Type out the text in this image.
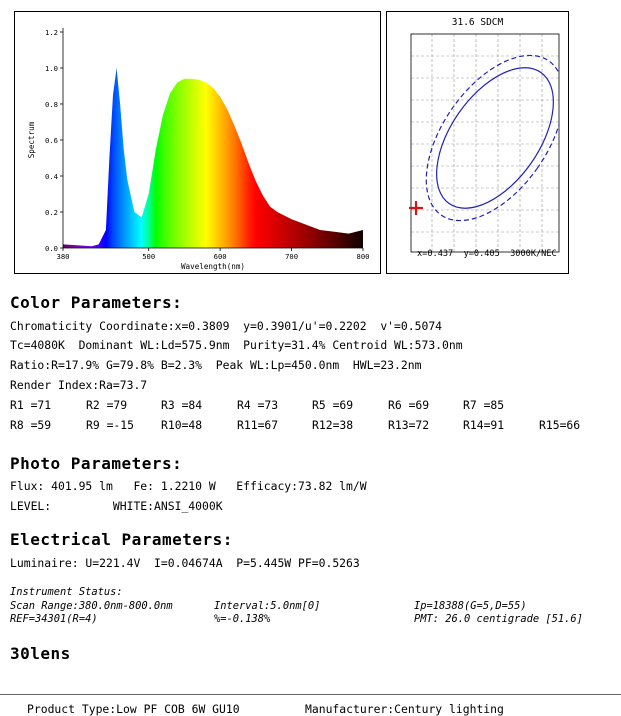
1.2
1.0
0.8
0.6
0.4
0.2
0.0
380	500	600	700	800
Wavelength(nm)
Spectrum
31.6 SDCM
x=0.437  y=0.405  3000K/NEC
Color Parameters:
Chromaticity Coordinate:x=0.3809  y=0.3901/u'=0.2202  v'=0.5074
Tc=4080K  Dominant WL:Ld=575.9nm  Purity=31.4% Centroid WL:573.0nm
Ratio:R=17.9% G=79.8% B=2.3%  Peak WL:Lp=450.0nm  HWL=23.2nm
Render Index:Ra=73.7
R1 =71	R2 =79	R3 =84	R4 =73	R5 =69	R6 =69	R7 =85
R8 =59	R9 =-15 R10=48	R11=67	R12=38	R13=72	R14=91	R15=66
Photo Parameters:
Flux: 401.95 lm   Fe: 1.2210 W   Efficacy:73.82 lm/W
LEVEL:         WHITE:ANSI_4000K
Electrical Parameters:
Luminaire: U=221.4V  I=0.04674A  P=5.445W PF=0.5263
Instrument Status:
Scan Range:380.0nm-800.0nm	Interval:5.0nm[0]	Ip=18388(G=5,D=55)
REF=34301(R=4)	%=-0.138%	PMT: 26.0 centigrade [51.6]
30lens
Product Type:Low PF COB 6W GU10	Manufacturer:Century lighting
